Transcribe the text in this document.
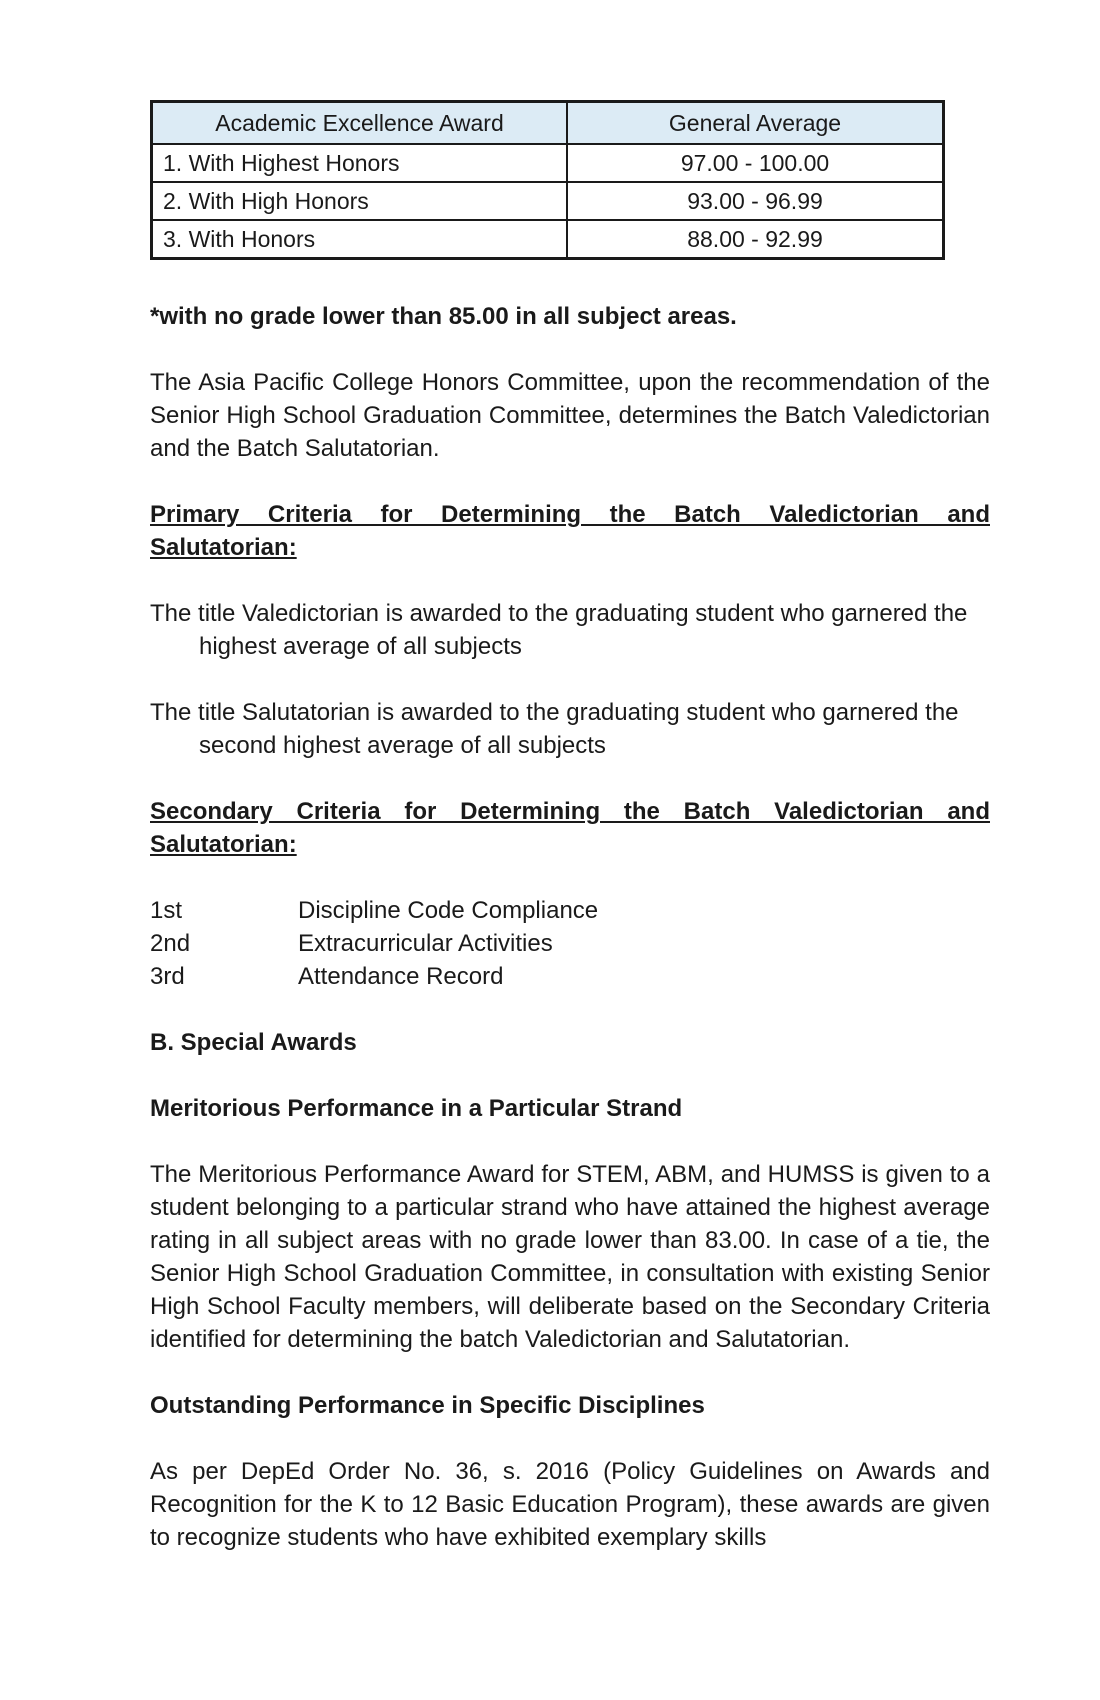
Academic Excellence Award	General Average
1. With Highest Honors	97.00 - 100.00
2. With High Honors	93.00 - 96.99
3. With Honors	88.00 - 92.99

*with no grade lower than 85.00 in all subject areas.

The Asia Pacific College Honors Committee, upon the recommendation of the Senior High School Graduation Committee, determines the Batch Valedictorian and the Batch Salutatorian.

Primary Criteria for Determining the Batch Valedictorian and Salutatorian:

The title Valedictorian is awarded to the graduating student who garnered the highest average of all subjects

The title Salutatorian is awarded to the graduating student who garnered the second highest average of all subjects

Secondary Criteria for Determining the Batch Valedictorian and Salutatorian:

1st	Discipline Code Compliance
2nd	Extracurricular Activities
3rd	Attendance Record

B. Special Awards

Meritorious Performance in a Particular Strand

The Meritorious Performance Award for STEM, ABM, and HUMSS is given to a student belonging to a particular strand who have attained the highest average rating in all subject areas with no grade lower than 83.00. In case of a tie, the Senior High School Graduation Committee, in consultation with existing Senior High School Faculty members, will deliberate based on the Secondary Criteria identified for determining the batch Valedictorian and Salutatorian.

Outstanding Performance in Specific Disciplines

As per DepEd Order No. 36, s. 2016 (Policy Guidelines on Awards and Recognition for the K to 12 Basic Education Program), these awards are given to recognize students who have exhibited exemplary skills
